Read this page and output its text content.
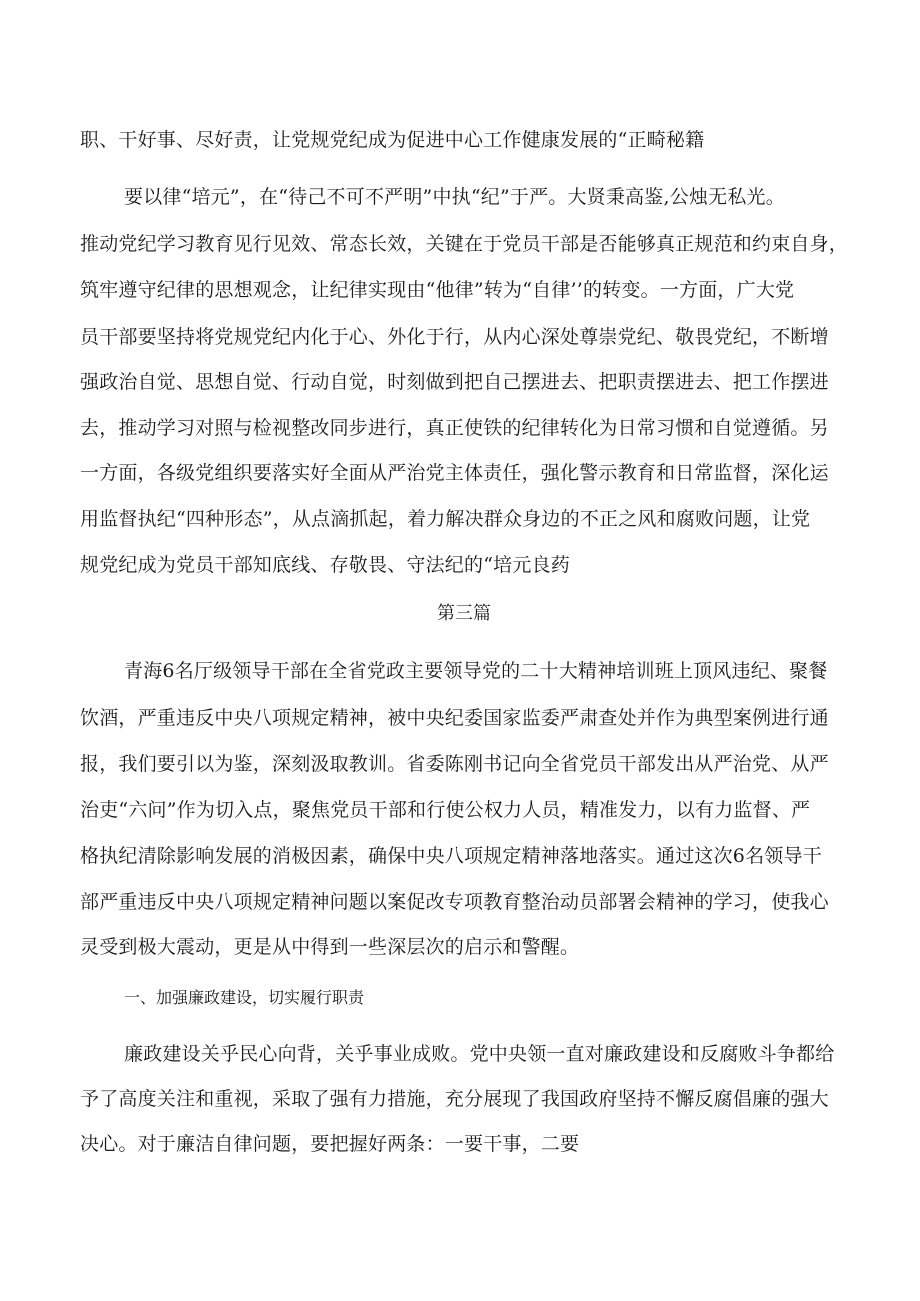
职、干好事、尽好责，让党规党纪成为促进中心工作健康发展的“正畸秘籍
要以律“培元”，在“待己不可不严明”中执“纪”于严。大贤秉高鉴,公烛无私光。
推动党纪学习教育见行见效、常态长效，关键在于党员干部是否能够真正规范和约束自身，
筑牢遵守纪律的思想观念，让纪律实现由“他律”转为“自律’’的转变。一方面，广大党
员干部要坚持将党规党纪内化于心、外化于行，从内心深处尊崇党纪、敬畏党纪，不断增
强政治自觉、思想自觉、行动自觉，时刻做到把自己摆进去、把职责摆进去、把工作摆进
去，推动学习对照与检视整改同步进行，真正使铁的纪律转化为日常习惯和自觉遵循。另
一方面，各级党组织要落实好全面从严治党主体责任，强化警示教育和日常监督，深化运
用监督执纪“四种形态”，从点滴抓起，着力解决群众身边的不正之风和腐败问题，让党
规党纪成为党员干部知底线、存敬畏、守法纪的“培元良药
第三篇
青海6名厅级领导干部在全省党政主要领导党的二十大精神培训班上顶风违纪、聚餐
饮酒，严重违反中央八项规定精神，被中央纪委国家监委严肃查处并作为典型案例进行通
报，我们要引以为鉴，深刻汲取教训。省委陈刚书记向全省党员干部发出从严治党、从严
治吏“六问”作为切入点，聚焦党员干部和行使公权力人员，精准发力，以有力监督、严
格执纪清除影响发展的消极因素，确保中央八项规定精神落地落实。通过这次6名领导干
部严重违反中央八项规定精神问题以案促改专项教育整治动员部署会精神的学习，使我心
灵受到极大震动，更是从中得到一些深层次的启示和警醒。
一、加强廉政建设，切实履行职责
廉政建设关乎民心向背，关乎事业成败。党中央领一直对廉政建设和反腐败斗争都给
予了高度关注和重视，采取了强有力措施，充分展现了我国政府坚持不懈反腐倡廉的强大
决心。对于廉洁自律问题，要把握好两条：一要干事，二要
